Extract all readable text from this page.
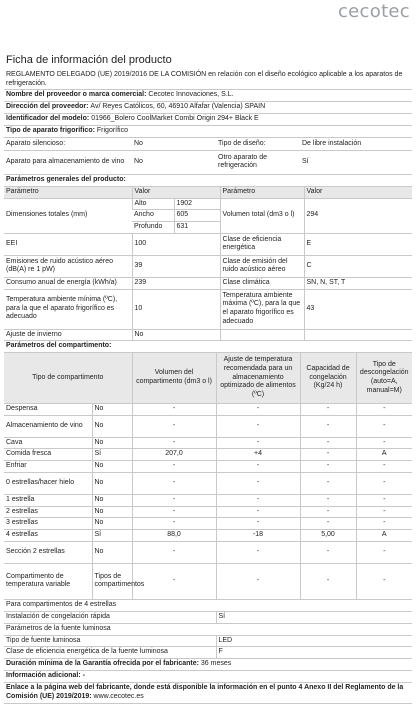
cecotec
Ficha de información del producto
REGLAMENTO DELEGADO (UE) 2019/2016 DE LA COMISIÓN en relación con el diseño ecológico aplicable a los aparatos de refrigeración.
Nombre del proveedor o marca comercial:
Cecotec Innovaciones, S.L.
Dirección del proveedor:
Av/ Reyes Católicos, 60, 46910 Alfafar (Valencia) SPAIN
Identificador del modelo:
01966_Bolero CoolMarket Combi Origin 294+ Black E
Tipo de aparato frigorífico:
Frigorífico
Aparato silencioso:	No	Tipo de diseño:	De libre instalación
Aparato para almacenamiento de vino	No	Otro aparato de refrigeración	Sí
Parámetros generales del producto:
Parámetro	Valor		Parámetro	Valor
Dimensiones totales (mm)	Alto	1902	Volumen total (dm3 o l)	294
	Ancho	605		
	Profundo	631		
EEI	100		Clase de eficiencia energética	E
Emisiones de ruido acústico aéreo (dB(A) re 1 pW)	39		Clase de emisión del ruido acústico aéreo	C
Consumo anual de energía (kWh/a)	239		Clase climática	SN, N, ST, T
Temperatura ambiente mínima (ºC), para la que el aparato frigorífico es adecuado	10		Temperatura ambiente máxima (ºC), para la que el aparato frigorífico es adecuado	43
Ajuste de invierno	No			
Parámetros del compartimento:
Tipo de compartimento		Volumen del compartimento (dm3 o l)	Ajuste de temperatura recomendada para un almacenamiento optimizado de alimentos (ºC)	Capacidad de congelación (Kg/24 h)	Tipo de descongelación (auto=A, manual=M)
Despensa	No	-	-	-	-
Almacenamiento de vino	No	-	-	-	-
Cava	No	-	-	-	-
Comida fresca	Sí	207,0	+4	-	A
Enfriar	No	-	-	-	-
0 estrellas/hacer hielo	No	-	-	-	-
1 estrella	No	-	-	-	-
2 estrellas	No	-	-	-	-
3 estrellas	No	-	-	-	-
4 estrellas	Sí	88,0	-18	5,00	A
Sección 2 estrellas	No	-	-	-	-
Compartimento de temperatura variable	Tipos de compartimentos	-	-	-	-
Para compartimentos de 4 estrellas
Instalación de congelación rápida	Sí
Parámetros de la fuente luminosa
Tipo de fuente luminosa	LED
Clase de eficiencia energética de la fuente luminosa	F
Duración mínima de la Garantía ofrecida por el fabricante:
36 meses
Información adicional: -
Enlace a la página web del fabricante, donde está disponible la información en el punto 4 Anexo II del Reglamento de la Comisión (UE) 2019/2019: www.cecotec.es
